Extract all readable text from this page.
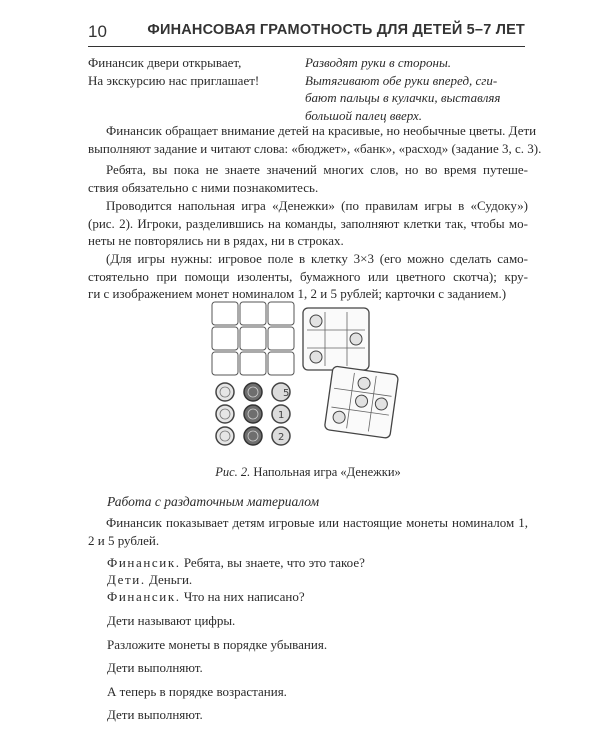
10	ФИНАНСОВАЯ ГРАМОТНОСТЬ ДЛЯ ДЕТЕЙ 5–7 ЛЕТ
Финансик двери открывает,
На экскурсию нас приглашает!
Разводят руки в стороны.
Вытягивают обе руки вперед, сги-
бают пальцы в кулачки, выставляя
большой палец вверх.
Финансик обращает внимание детей на красивые, но необычные цветы. Дети
выполняют задание и читают слова: «бюджет», «банк», «расход» (задание 3, с. 3).
Ребята, вы пока не знаете значений многих слов, но во время путеше-
ствия обязательно с ними познакомитесь.
Проводится напольная игра «Денежки» (по правилам игры в «Судоку»)
(рис. 2). Игроки, разделившись на команды, заполняют клетки так, чтобы мо-
неты не повторялись ни в рядах, ни в строках.
(Для игры нужны: игровое поле в клетку 3×3 (его можно сделать само-
стоятельно при помощи изоленты, бумажного или цветного скотча); кру-
ги с изображением монет номиналом 1, 2 и 5 рублей; карточки с заданием.)
5
1
2
Рис. 2. Напольная игра «Денежки»
Работа с раздаточным материалом
Финансик показывает детям игровые или настоящие монеты номиналом 1,
2 и 5 рублей.
Финансик. Ребята, вы знаете, что это такое?
Дети. Деньги.
Финансик. Что на них написано?
Дети называют цифры.
Разложите монеты в порядке убывания.
Дети выполняют.
А теперь в порядке возрастания.
Дети выполняют.
